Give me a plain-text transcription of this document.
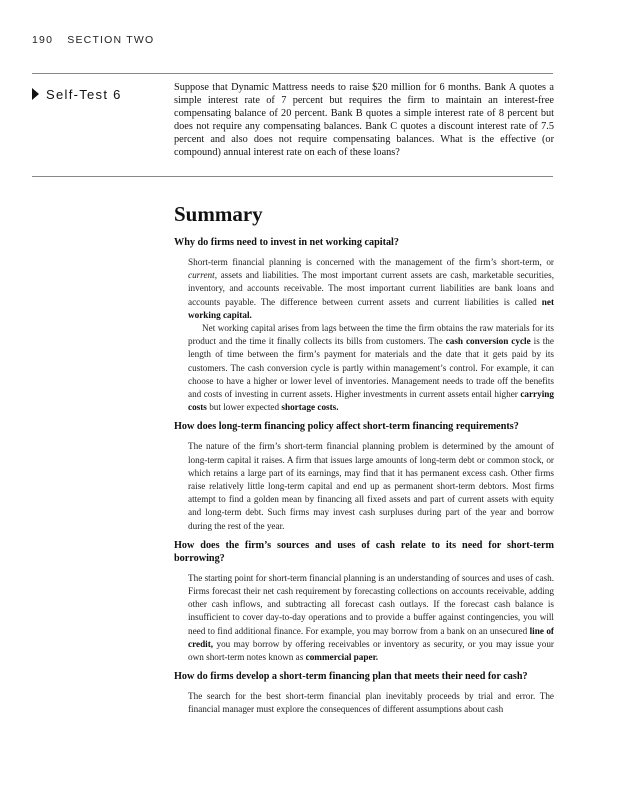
190 SECTION TWO
Self-Test 6	Suppose that Dynamic Mattress needs to raise $20 million for 6 months. Bank A quotes a simple interest rate of 7 percent but requires the firm to maintain an interest-free compensating balance of 20 percent. Bank B quotes a simple interest rate of 8 percent but does not require any compensating balances. Bank C quotes a discount interest rate of 7.5 percent and also does not require compensating balances. What is the effective (or compound) annual interest rate on each of these loans?
Summary
Why do firms need to invest in net working capital?
Short-term financial planning is concerned with the management of the firm’s short-term, or current, assets and liabilities. The most important current assets are cash, marketable securities, inventory, and accounts receivable. The most important current liabilities are bank loans and accounts payable. The difference between current assets and current liabilities is called net working capital.
Net working capital arises from lags between the time the firm obtains the raw materials for its product and the time it finally collects its bills from customers. The cash conversion cycle is the length of time between the firm’s payment for materials and the date that it gets paid by its customers. The cash conversion cycle is partly within management’s control. For example, it can choose to have a higher or lower level of inventories. Management needs to trade off the benefits and costs of investing in current assets. Higher investments in current assets entail higher carrying costs but lower expected shortage costs.
How does long-term financing policy affect short-term financing requirements?
The nature of the firm’s short-term financial planning problem is determined by the amount of long-term capital it raises. A firm that issues large amounts of long-term debt or common stock, or which retains a large part of its earnings, may find that it has permanent excess cash. Other firms raise relatively little long-term capital and end up as permanent short-term debtors. Most firms attempt to find a golden mean by financing all fixed assets and part of current assets with equity and long-term debt. Such firms may invest cash surpluses during part of the year and borrow during the rest of the year.
How does the firm’s sources and uses of cash relate to its need for short-term borrowing?
The starting point for short-term financial planning is an understanding of sources and uses of cash. Firms forecast their net cash requirement by forecasting collections on accounts receivable, adding other cash inflows, and subtracting all forecast cash outlays. If the forecast cash balance is insufficient to cover day-to-day operations and to provide a buffer against contingencies, you will need to find additional finance. For example, you may borrow from a bank on an unsecured line of credit, you may borrow by offering receivables or inventory as security, or you may issue your own short-term notes known as commercial paper.
How do firms develop a short-term financing plan that meets their need for cash?
The search for the best short-term financial plan inevitably proceeds by trial and error. The financial manager must explore the consequences of different assumptions about cash
